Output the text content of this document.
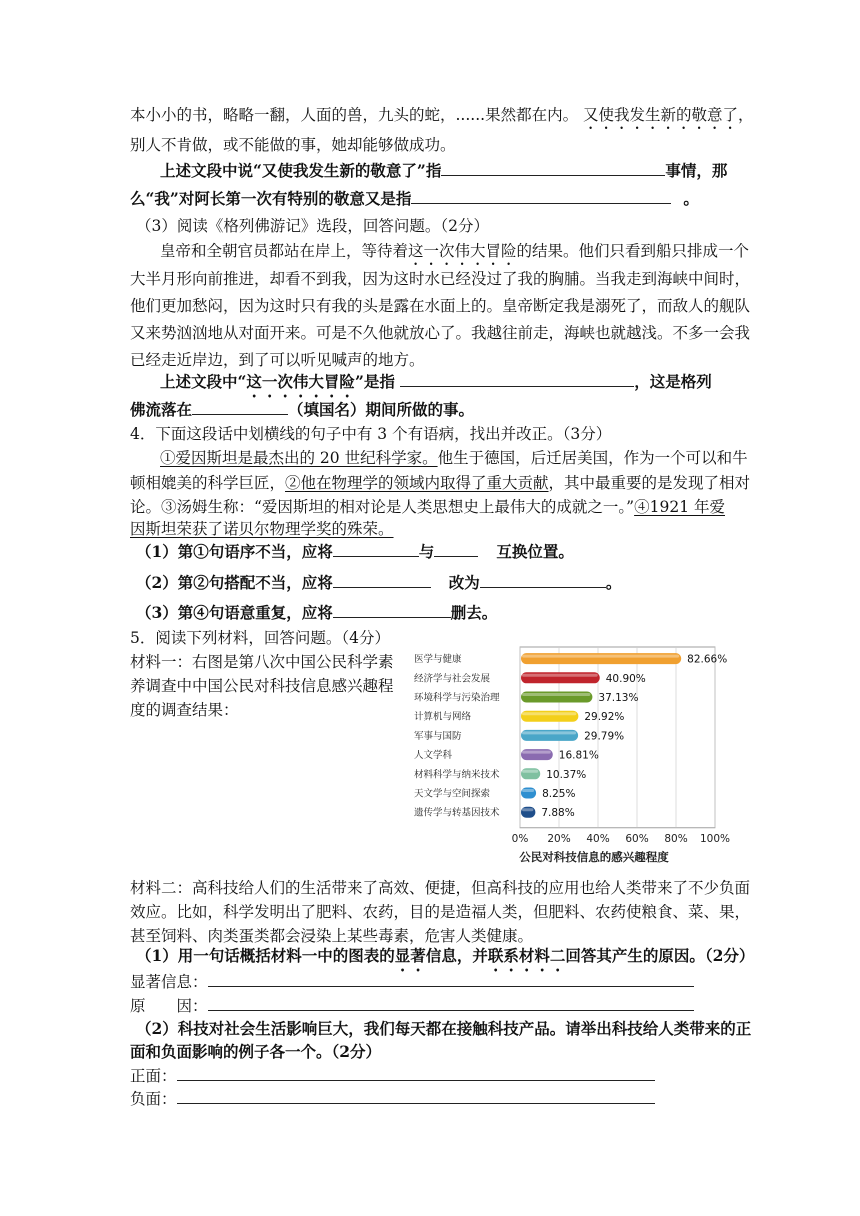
本小小的书，略略一翻，人面的兽，九头的蛇，......果然都在内。 又使我发生新的敬意了，
别人不肯做，或不能做的事，她却能够做成功。
上述文段中说“又使我发生新的敬意了”指	事情，那
么“我”对阿长第一次有特别的敬意又是指	。
（3）阅读《格列佛游记》选段，回答问题。（2分）
皇帝和全朝官员都站在岸上，等待着这一次伟大冒险的结果。他们只看到船只排成一个
大半月形向前推进，却看不到我，因为这时水已经没过了我的胸脯。当我走到海峡中间时，
他们更加愁闷，因为这时只有我的头是露在水面上的。皇帝断定我是溺死了，而敌人的舰队
又来势汹汹地从对面开来。可是不久他就放心了。我越往前走，海峡也就越浅。不多一会我
已经走近岸边，到了可以听见喊声的地方。
上述文段中“这一次伟大冒险”是指	，这是格列
佛流落在	（填国名）期间所做的事。
4．下面这段话中划横线的句子中有 3 个有语病，找出并改正。（3分）
①爱因斯坦是最杰出的 20 世纪科学家。他生于德国，后迁居美国，作为一个可以和牛
顿相媲美的科学巨匠，②他在物理学的领域内取得了重大贡献，其中最重要的是发现了相对
论。③汤姆生称：“爱因斯坦的相对论是人类思想史上最伟大的成就之一。”④1921 年爱
因斯坦荣获了诺贝尔物理学奖的殊荣。
（1）第①句语序不当，应将	与	互换位置。
（2）第②句搭配不当，应将	改为	。
（3）第④句语意重复，应将	删去。
5．阅读下列材料，回答问题。（4分）
材料一：右图是第八次中国公民科学素
养调查中中国公民对科技信息感兴趣程
度的调查结果：
0% 20% 40% 60% 80% 100%
医学与健康	82.66%
经济学与社会发展	40.90%
环境科学与污染治理	37.13%
计算机与网络	29.92%
军事与国防	29.79%
人文学科	16.81%
材料科学与纳米技术	10.37%
天文学与空间探索	8.25%
遗传学与转基因技术	7.88%
公民对科技信息的感兴趣程度
材料二：高科技给人们的生活带来了高效、便捷，但高科技的应用也给人类带来了不少负面
效应。比如，科学发明出了肥料、农药，目的是造福人类，但肥料、农药使粮食、菜、果，
甚至饲料、肉类蛋类都会浸染上某些毒素，危害人类健康。
（1）用一句话概括材料一中的图表的显著信息，并联系材料二回答其产生的原因。（2分）
显著信息：
原　　因：
（2）科技对社会生活影响巨大，我们每天都在接触科技产品。请举出科技给人类带来的正
面和负面影响的例子各一个。（2分）
正面：
负面：
